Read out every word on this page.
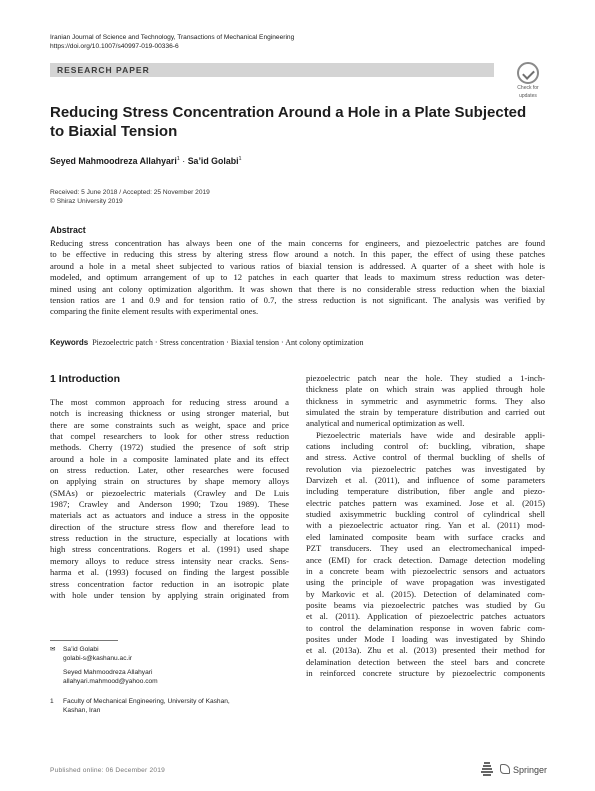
Iranian Journal of Science and Technology, Transactions of Mechanical Engineering
https://doi.org/10.1007/s40997-019-00336-6
RESEARCH PAPER
Check for
updates
Reducing Stress Concentration Around a Hole in a Plate Subjected
to Biaxial Tension
Seyed Mahmoodreza Allahyari$^1$ · Sa’id Golabi$^1$
Received: 5 June 2018 / Accepted: 25 November 2019
© Shiraz University 2019
Abstract
Reducing stress concentration has always been one of the main concerns for engineers, and piezoelectric patches are found
to be effective in reducing this stress by altering stress flow around a notch. In this paper, the effect of using these patches
around a hole in a metal sheet subjected to various ratios of biaxial tension is addressed. A quarter of a sheet with hole is
modeled, and optimum arrangement of up to 12 patches in each quarter that leads to maximum stress reduction was deter-
mined using ant colony optimization algorithm. It was shown that there is no considerable stress reduction when the biaxial
tension ratios are 1 and 0.9 and for tension ratio of 0.7, the stress reduction is not significant. The analysis was verified by
comparing the finite element results with experimental ones.
Keywords Piezoelectric patch · Stress concentration · Biaxial tension · Ant colony optimization
1 Introduction
The most common approach for reducing stress around a
notch is increasing thickness or using stronger material, but
there are some constraints such as weight, space and price
that compel researchers to look for other stress reduction
methods. Cherry (1972) studied the presence of soft strip
around a hole in a composite laminated plate and its effect
on stress reduction. Later, other researches were focused
on applying strain on structures by shape memory alloys
(SMAs) or piezoelectric materials (Crawley and De Luis
1987; Crawley and Anderson 1990; Tzou 1989). These
materials act as actuators and induce a stress in the opposite
direction of the structure stress flow and therefore lead to
stress reduction in the structure, especially at locations with
high stress concentrations. Rogers et al. (1991) used shape
memory alloys to reduce stress intensity near cracks. Sens-
harma et al. (1993) focused on finding the largest possible
stress concentration factor reduction in an isotropic plate
with hole under tension by applying strain originated from
piezoelectric patch near the hole. They studied a 1-inch-
thickness plate on which strain was applied through hole
thickness in symmetric and asymmetric forms. They also
simulated the strain by temperature distribution and carried out
analytical and numerical optimization as well.
Piezoelectric materials have wide and desirable appli-
cations including control of: buckling, vibration, shape
and stress. Active control of thermal buckling of shells of
revolution via piezoelectric patches was investigated by
Darvizeh et al. (2011), and influence of some parameters
including temperature distribution, fiber angle and piezo-
electric patches pattern was examined. Jose et al. (2015)
studied axisymmetric buckling control of cylindrical shell
with a piezoelectric actuator ring. Yan et al. (2011) mod-
eled laminated composite beam with surface cracks and
PZT transducers. They used an electromechanical imped-
ance (EMI) for crack detection. Damage detection modeling
in a concrete beam with piezoelectric sensors and actuators
using the principle of wave propagation was investigated
by Markovic et al. (2015). Detection of delaminated com-
posite beams via piezoelectric patches was studied by Gu
et al. (2011). Application of piezoelectric patches actuators
to control the delamination response in woven fabric com-
posites under Mode I loading was investigated by Shindo
et al. (2013a). Zhu et al. (2013) presented their method for
delamination detection between the steel bars and concrete
in reinforced concrete structure by piezoelectric components
✉	Sa’id Golabi
golabi-s@kashanu.ac.ir
Seyed Mahmoodreza Allahyari
allahyari.mahmood@yahoo.com
1	Faculty of Mechanical Engineering, University of Kashan,
Kashan, Iran
Published online: 06 December 2019	Springer
